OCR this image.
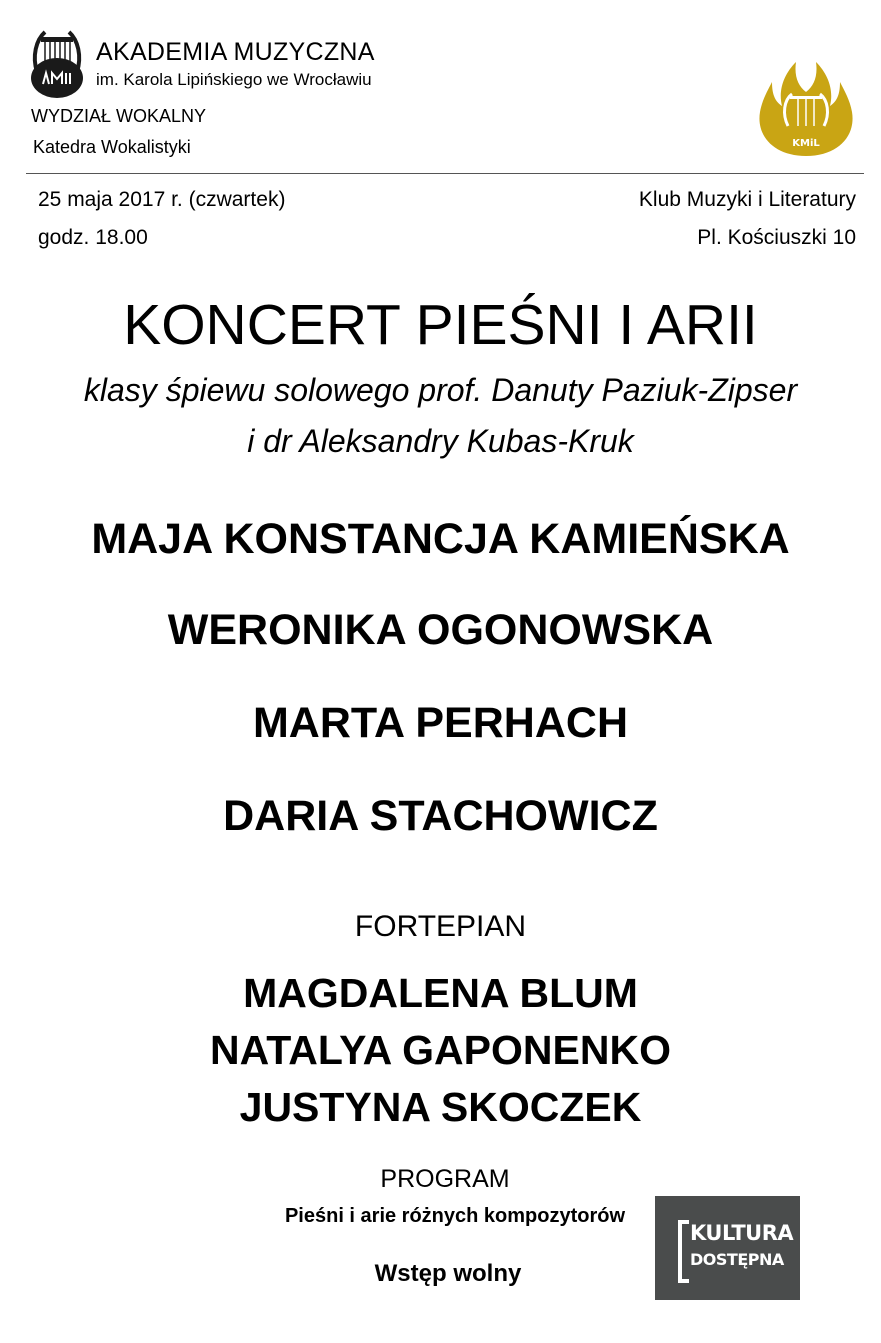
AKADEMIA MUZYCZNA
im. Karola Lipińskiego we Wrocławiu
WYDZIAŁ WOKALNY
Katedra Wokalistyki
W
KMiL
25 maja 2017 r. (czwartek)
godz. 18.00
Klub Muzyki i Literatury
Pl. Kościuszki 10
KONCERT PIEŚNI I ARII
klasy śpiewu solowego prof. Danuty Paziuk-Zipser
i dr Aleksandry Kubas-Kruk
MAJA KONSTANCJA KAMIEŃSKA
WERONIKA OGONOWSKA
MARTA PERHACH
DARIA STACHOWICZ
FORTEPIAN
MAGDALENA BLUM
NATALYA GAPONENKO
JUSTYNA SKOCZEK
PROGRAM
Pieśni i arie różnych kompozytorów
Wstęp wolny
KULTURA
DOSTĘPNA
